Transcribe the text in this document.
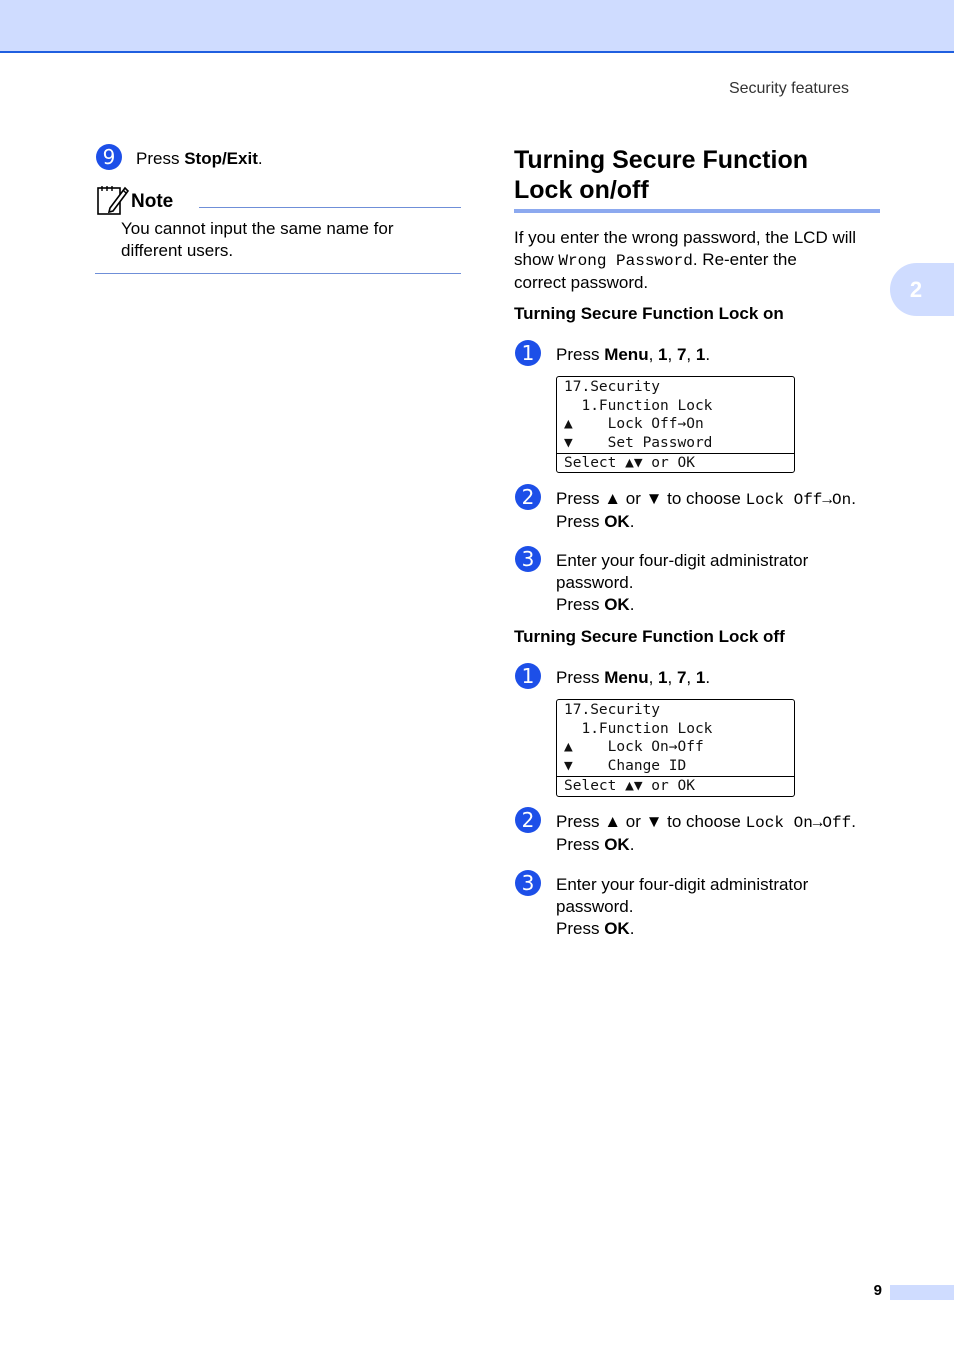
Security features
2
9	Press Stop/Exit.
Note
You cannot input the same name for
different users.
Turning Secure Function
Lock on/off
If you enter the wrong password, the LCD will
show Wrong Password. Re-enter the
correct password.
Turning Secure Function Lock on
1	Press Menu, 1, 7, 1.
17.Security
1.Function Lock
▲    Lock Off→On
▼    Set Password
Select ▲▼ or OK
2	Press ▲ or ▼ to choose Lock Off→On.
Press OK.
3	Enter your four-digit administrator
password.
Press OK.
Turning Secure Function Lock off
1	Press Menu, 1, 7, 1.
17.Security
1.Function Lock
▲    Lock On→Off
▼    Change ID
Select ▲▼ or OK
2	Press ▲ or ▼ to choose Lock On→Off.
Press OK.
3	Enter your four-digit administrator
password.
Press OK.
9
